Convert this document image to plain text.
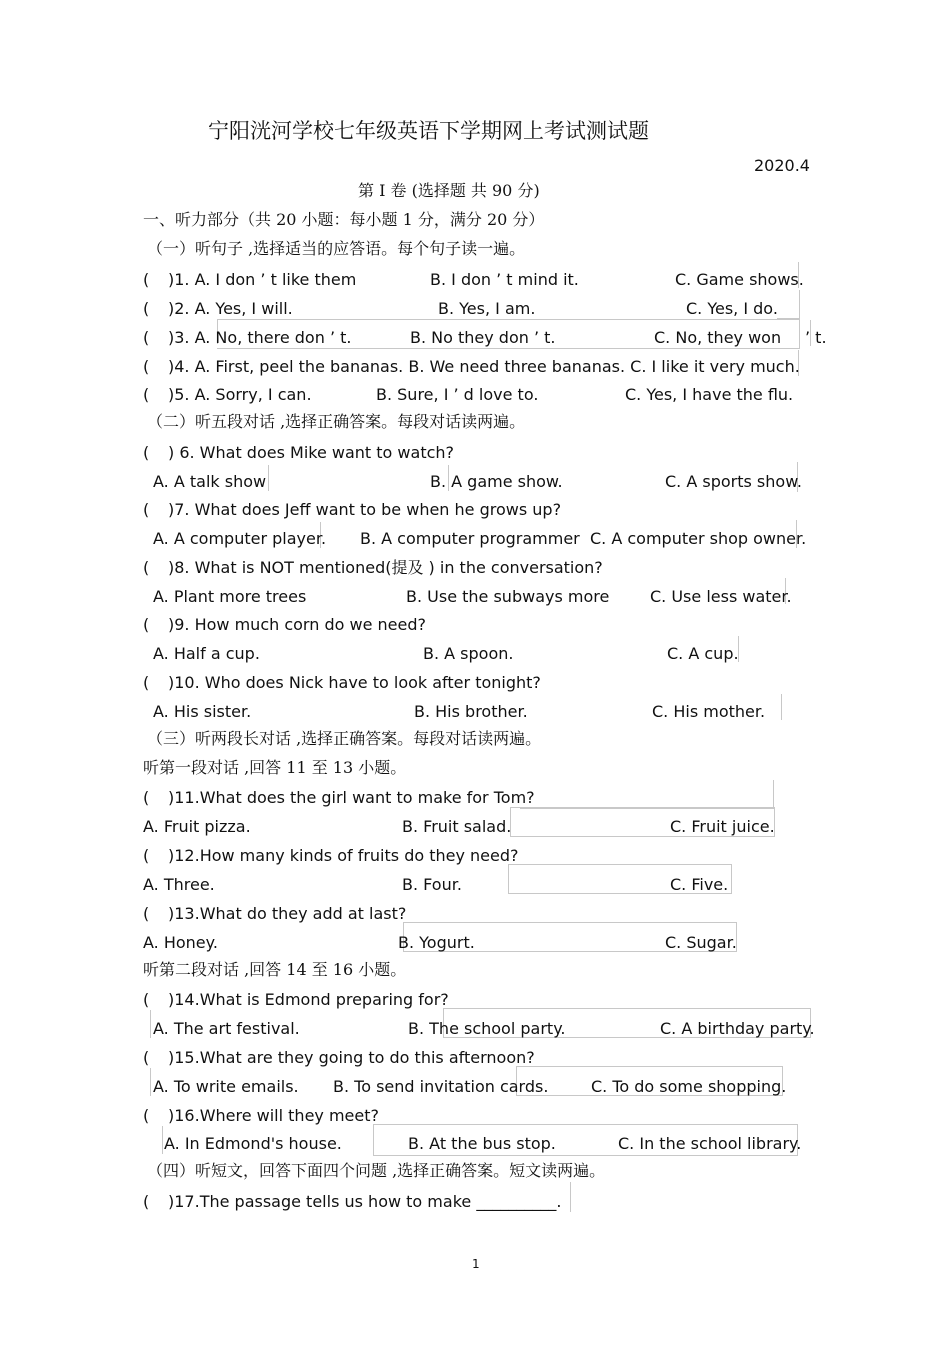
宁阳洸河学校七年级英语下学期网上考试测试题
2020.4
第 I 卷 (选择题 共 90 分)
一、听力部分（共 20 小题：每小题 1 分，满分 20 分）
（一）听句子 ,选择适当的应答语。每个句子读一遍。
( )1. A. I don ’ t like them	B. I don ’ t mind it.	C. Game shows.
( )2. A. Yes, I will.	B. Yes, I am.	C. Yes, I do.
( )3. A. No, there don ’ t.	B. No they don ’ t.	C. No, they won ’ t.
( )4. A. First, peel the bananas. B. We need three bananas. C. I like it very much.
( )5. A. Sorry, I can.	B. Sure, I ’ d love to.	C. Yes, I have the flu.
（二）听五段对话 ,选择正确答案。每段对话读两遍。
( ) 6. What does Mike want to watch?
A. A talk show	B. A game show.	C. A sports show.
( )7. What does Jeff want to be when he grows up?
A. A computer player. B. A computer programmer C. A computer shop owner.
( )8. What is NOT mentioned(提及 ) in the conversation?
A. Plant more trees	B. Use the subways more	C. Use less water.
( )9. How much corn do we need?
A. Half a cup.	B. A spoon.	C. A cup.
( )10. Who does Nick have to look after tonight?
A. His sister.	B. His brother.	C. His mother.
（三）听两段长对话 ,选择正确答案。每段对话读两遍。
听第一段对话 ,回答 11 至 13 小题。
( )11.What does the girl want to make for Tom?
A. Fruit pizza.	B. Fruit salad.	C. Fruit juice.
( )12.How many kinds of fruits do they need?
A. Three.	B. Four.	C. Five.
( )13.What do they add at last?
A. Honey.	B. Yogurt.	C. Sugar.
听第二段对话 ,回答 14 至 16 小题。
( )14.What is Edmond preparing for?
A. The art festival.	B. The school party.	C. A birthday party.
( )15.What are they going to do this afternoon?
A. To write emails. B. To send invitation cards.	C. To do some shopping.
( )16.Where will they meet?
A. In Edmond's house.	B. At the bus stop.	C. In the school library.
（四）听短文，回答下面四个问题 ,选择正确答案。短文读两遍。
( )17.The passage tells us how to make __________.
1
